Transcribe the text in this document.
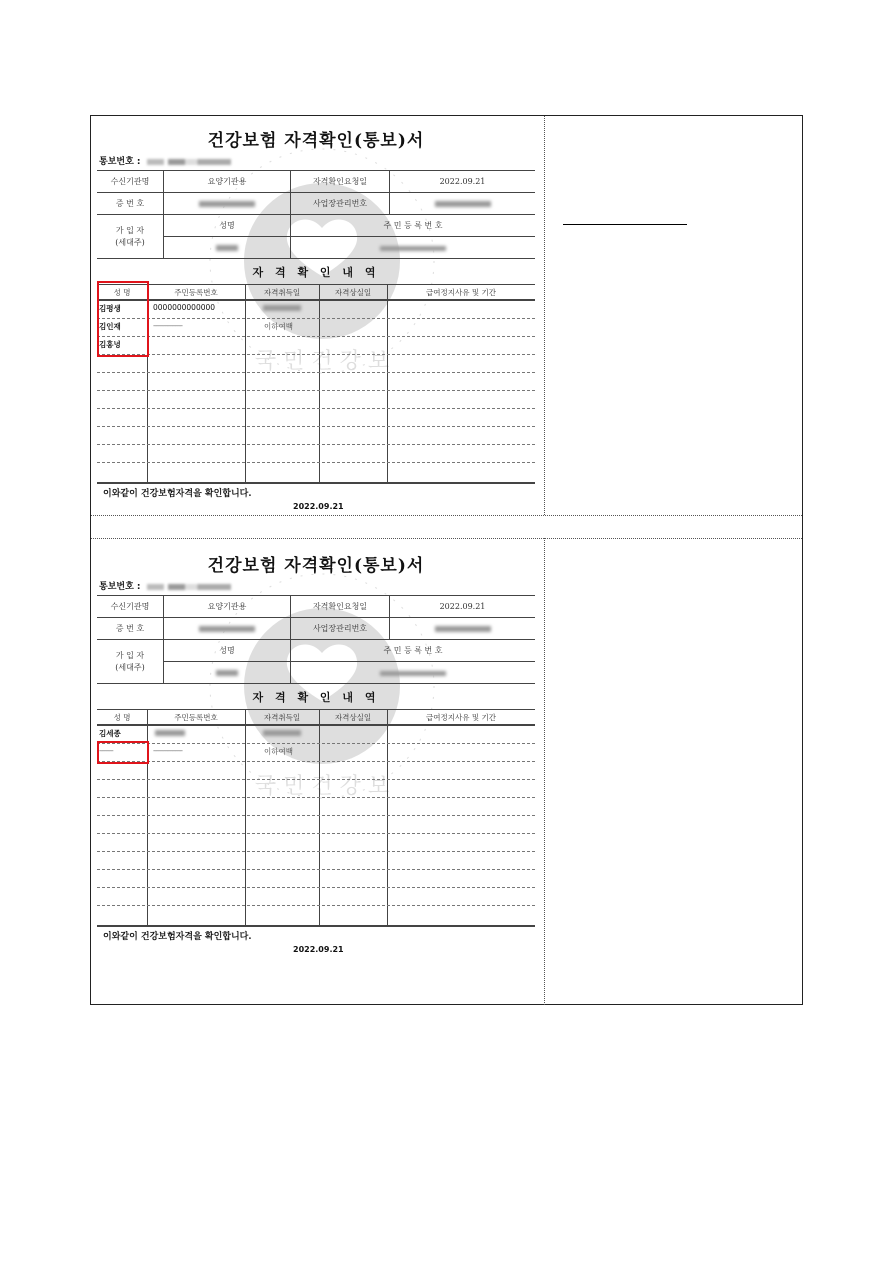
국 민 건 강 보
건강보험 자격확인(통보)서
통보번호 :
수신기관명	요양기관용	자격확인요청일	2022.09.21
증 번 호		사업장관리번호	
가 입 자
(세대주)	성명	주 민 등 록 번 호	

자 격 확 인 내 역
성 명	주민등록번호	자격취득일	자격상실일	급여정지사유 및 기간
김평생	0000000000000
김인재	-----------------	이하여백
김홍녕
이와같이 건강보험자격을 확인합니다.
2022.09.21
국 민 건 강 보
건강보험 자격확인(통보)서
통보번호 :
수신기관명	요양기관용	자격확인요청일	2022.09.21
증 번 호		사업장관리번호	
가 입 자
(세대주)	성명	주 민 등 록 번 호	

자 격 확 인 내 역
성 명	주민등록번호	자격취득일	자격상실일	급여정지사유 및 기간
김세종
--------	-----------------	이하여백
이와같이 건강보험자격을 확인합니다.
2022.09.21
